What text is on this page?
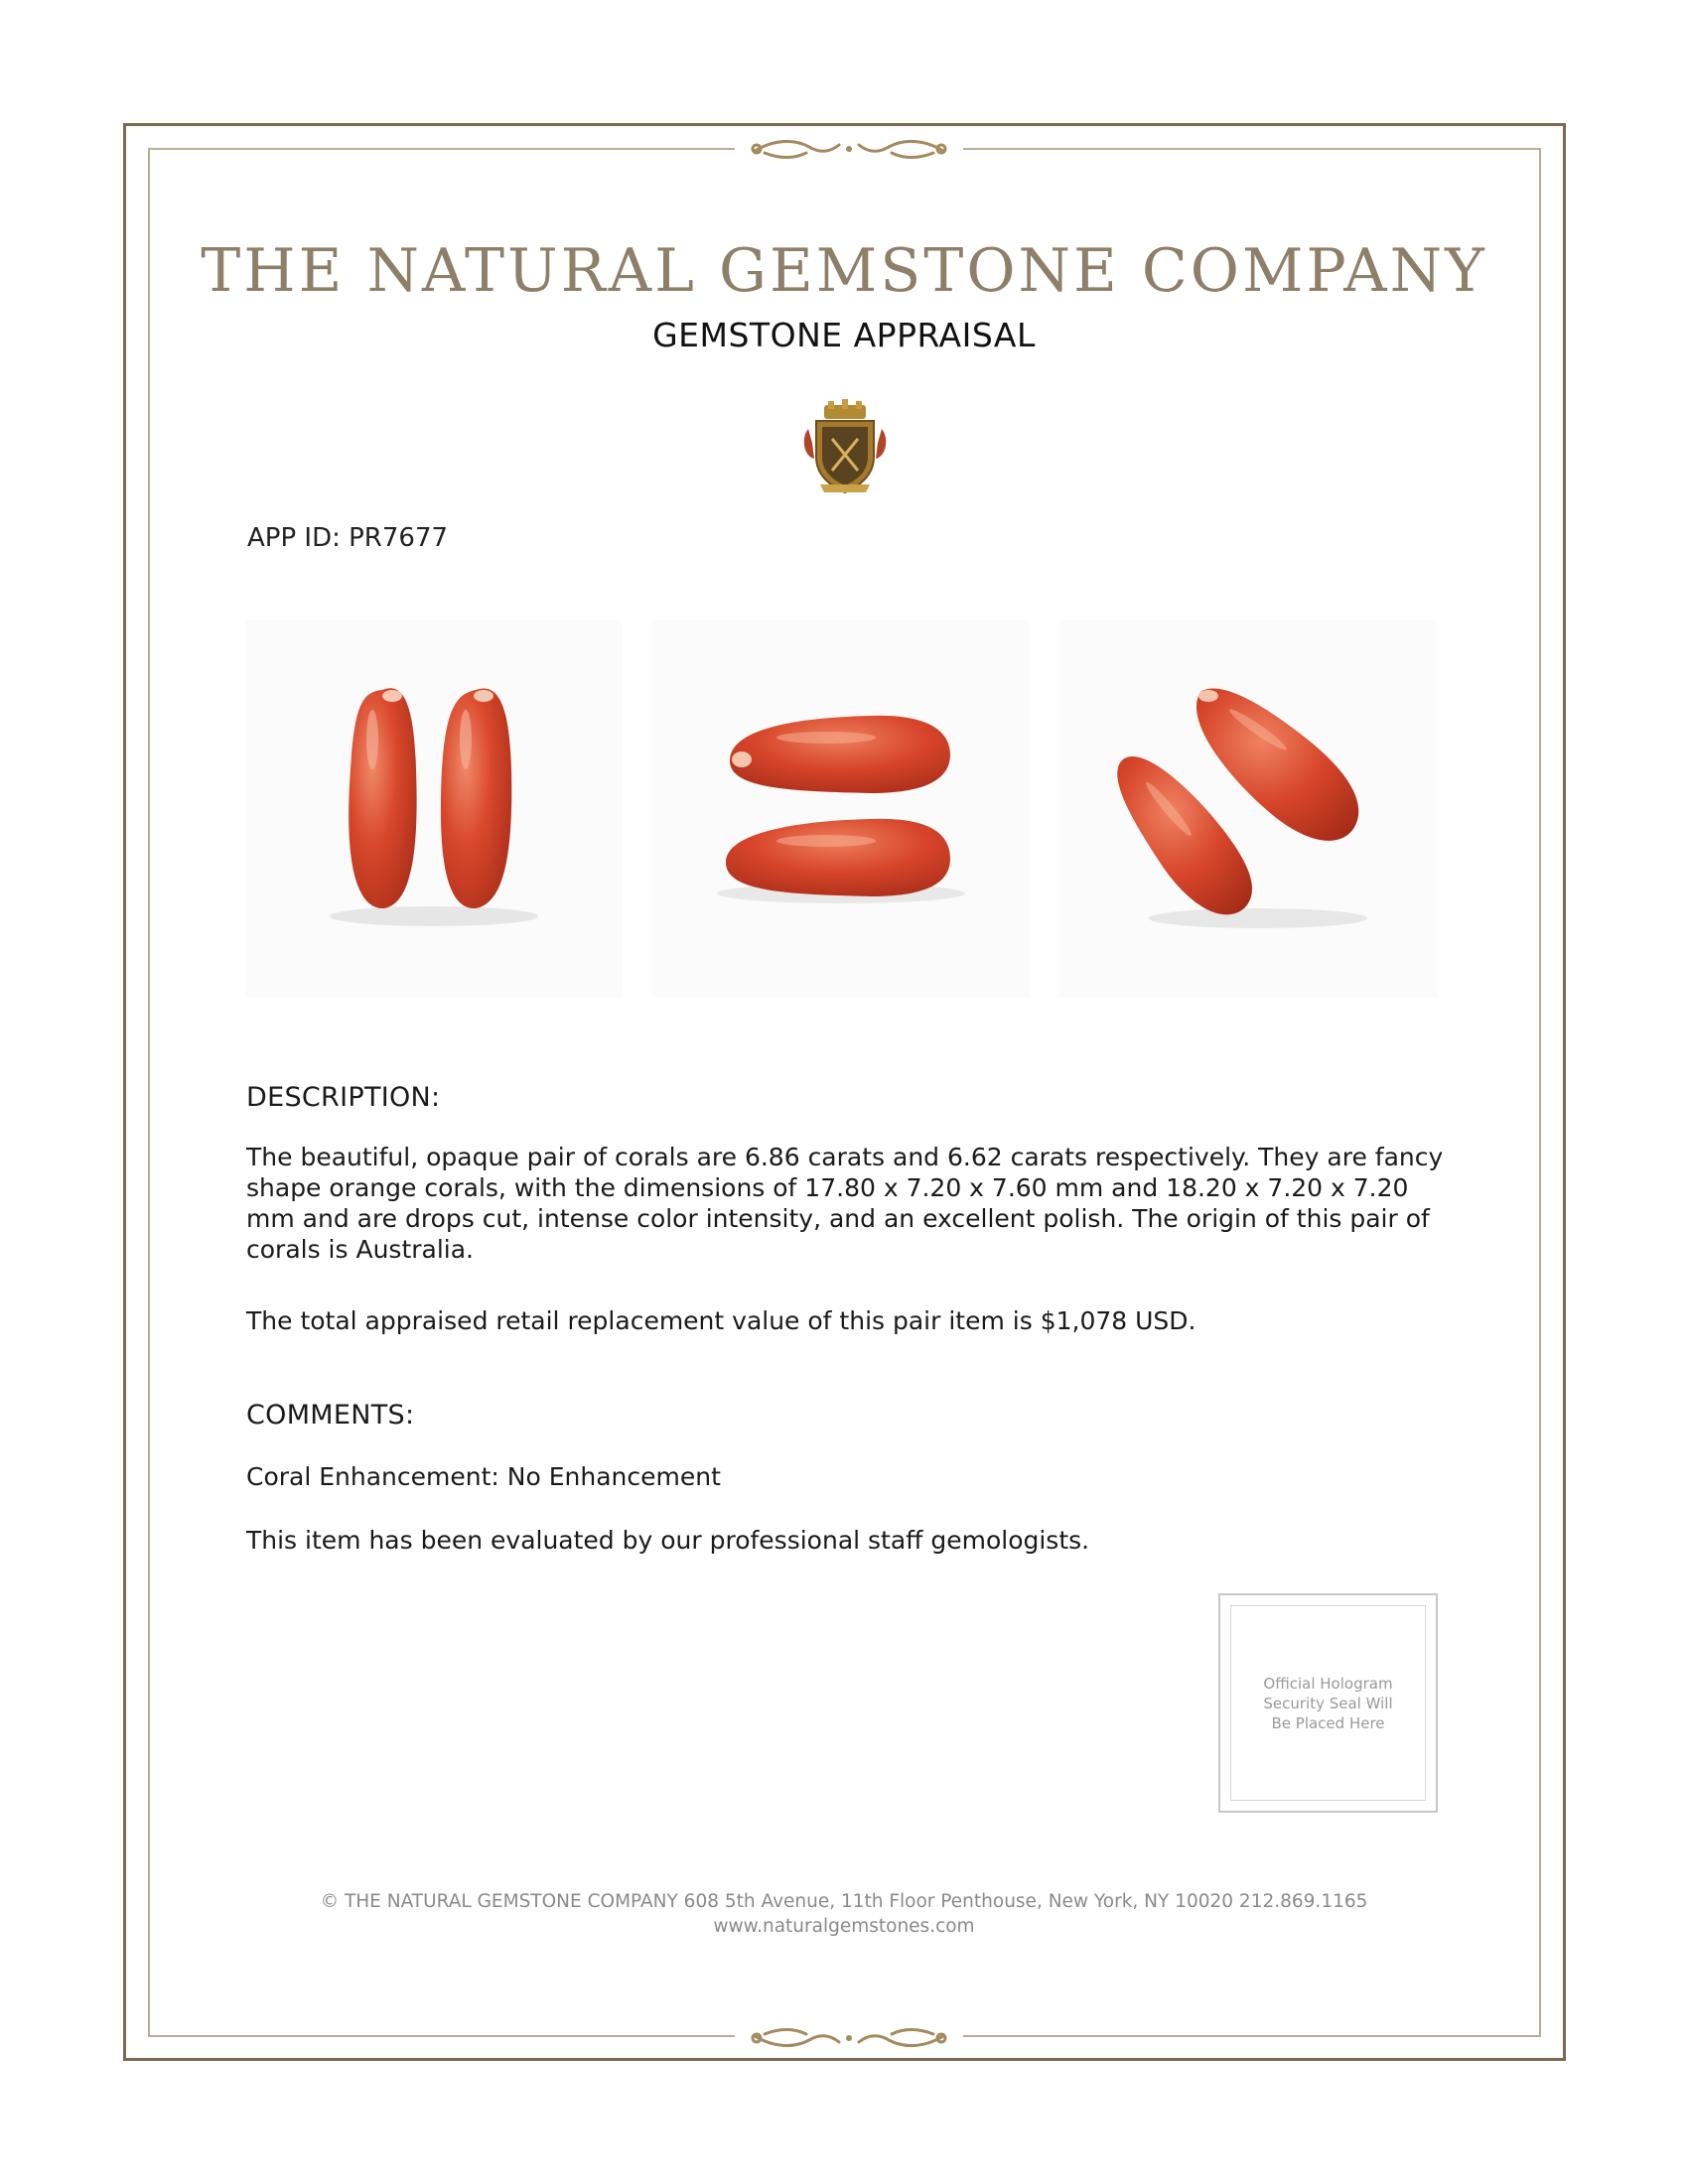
THE NATURAL GEMSTONE COMPANY
GEMSTONE APPRAISAL
APP ID: PR7677
DESCRIPTION:

The beautiful, opaque pair of corals are 6.86 carats and 6.62 carats respectively. They are fancy shape orange corals, with the dimensions of 17.80 x 7.20 x 7.60 mm and 18.20 x 7.20 x 7.20 mm and are drops cut, intense color intensity, and an excellent polish. The origin of this pair of corals is Australia.

The total appraised retail replacement value of this pair item is $1,078 USD.

COMMENTS:

Coral Enhancement: No Enhancement

This item has been evaluated by our professional staff gemologists.

Official Hologram Security Seal Will Be Placed Here
© THE NATURAL GEMSTONE COMPANY 608 5th Avenue, 11th Floor Penthouse, New York, NY 10020 212.869.1165
www.naturalgemstones.com
